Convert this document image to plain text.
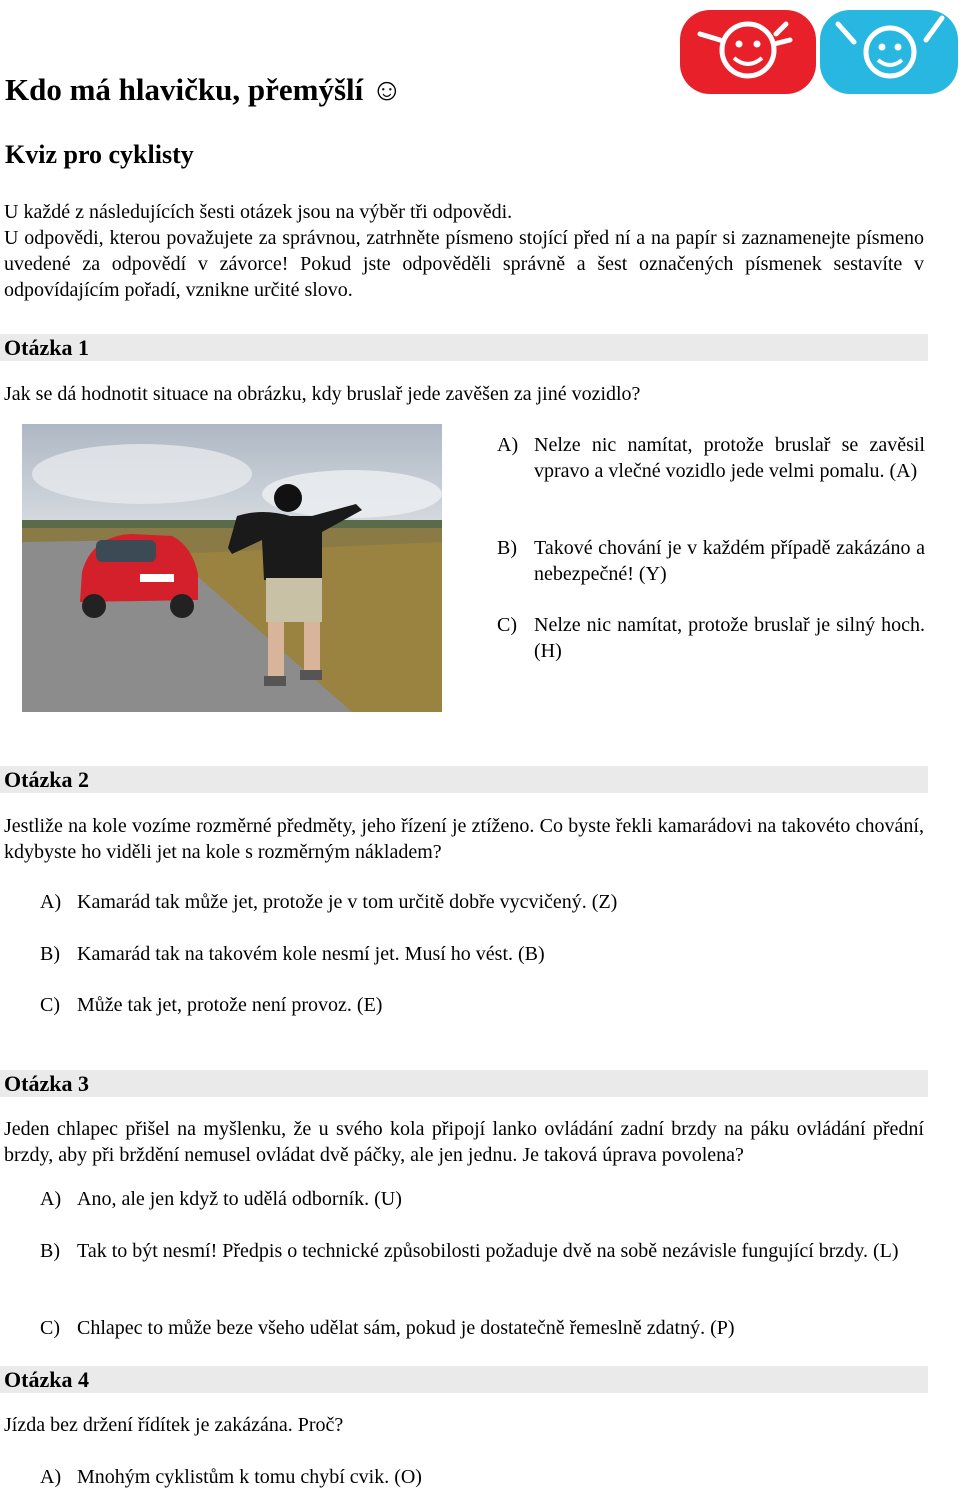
Kdo má hlavičku, přemýšlí ☺
Kviz pro cyklisty
U každé z následujících šesti otázek jsou na výběr tři odpovědi.
U odpovědi, kterou považujete za správnou, zatrhněte písmeno stojící před ní a na papír si zaznamenejte písmeno uvedené za odpovědí v závorce! Pokud jste odpověděli správně a šest označených písmenek sestavíte v odpovídajícím pořadí, vznikne určité slovo.
Otázka 1
Jak se dá hodnotit situace na obrázku, kdy bruslař jede zavěšen za jiné vozidlo?
A) Nelze nic namítat, protože bruslař se zavěsil vpravo a vlečné vozidlo jede velmi pomalu. (A)
B) Takové chování je v každém případě zakázáno a nebezpečné! (Y)
C) Nelze nic namítat, protože bruslař je silný hoch. (H)
Otázka 2
Jestliže na kole vozíme rozměrné předměty, jeho řízení je ztíženo. Co byste řekli kamarádovi na takovéto chování, kdybyste ho viděli jet na kole s rozměrným nákladem?
A) Kamarád tak může jet, protože je v tom určitě dobře vycvičený. (Z)
B) Kamarád tak na takovém kole nesmí jet. Musí ho vést. (B)
C) Může tak jet, protože není provoz. (E)
Otázka 3
Jeden chlapec přišel na myšlenku, že u svého kola připojí lanko ovládání zadní brzdy na páku ovládání přední brzdy, aby při brždění nemusel ovládat dvě páčky, ale jen jednu. Je taková úprava povolena?
A) Ano, ale jen když to udělá odborník. (U)
B) Tak to být nesmí! Předpis o technické způsobilosti požaduje dvě na sobě nezávisle fungující brzdy. (L)
C) Chlapec to může beze všeho udělat sám, pokud je dostatečně řemeslně zdatný. (P)
Otázka 4
Jízda bez držení řídítek je zakázána. Proč?
A) Mnohým cyklistům k tomu chybí cvik. (O)
